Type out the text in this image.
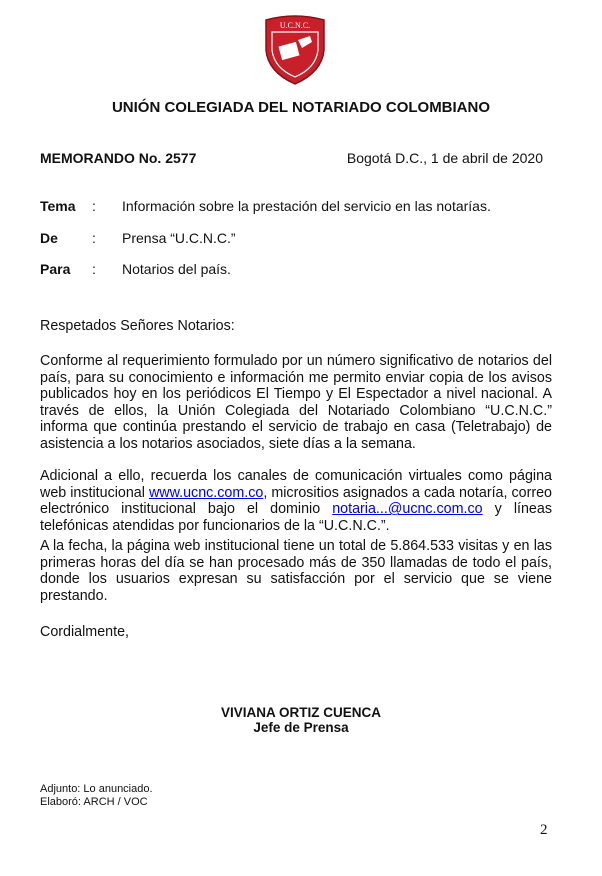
U.C.N.C.
UNIÓN COLEGIADA DEL NOTARIADO COLOMBIANO
MEMORANDO No. 2577	Bogotá D.C., 1 de abril de 2020
Tema : Información sobre la prestación del servicio en las notarías.
De : Prensa “U.C.N.C.”
Para : Notarios del país.
Respetados Señores Notarios:
Conforme al requerimiento formulado por un número significativo de notarios del país, para su conocimiento e información me permito enviar copia de los avisos publicados hoy en los periódicos El Tiempo y El Espectador a nivel nacional. A través de ellos, la Unión Colegiada del Notariado Colombiano “U.C.N.C.” informa que continúa prestando el servicio de trabajo en casa (Teletrabajo) de asistencia a los notarios asociados, siete días a la semana.
Adicional a ello, recuerda los canales de comunicación virtuales como página web institucional www.ucnc.com.co, micrositios asignados a cada notaría, correo electrónico institucional bajo el dominio notaria...@ucnc.com.co y líneas telefónicas atendidas por funcionarios de la “U.C.N.C.”.
A la fecha, la página web institucional tiene un total de 5.864.533 visitas y en las primeras horas del día se han procesado más de 350 llamadas de todo el país, donde los usuarios expresan su satisfacción por el servicio que se viene prestando.
Cordialmente,
VIVIANA ORTIZ CUENCA
Jefe de Prensa
Adjunto: Lo anunciado.
Elaboró: ARCH / VOC
2
